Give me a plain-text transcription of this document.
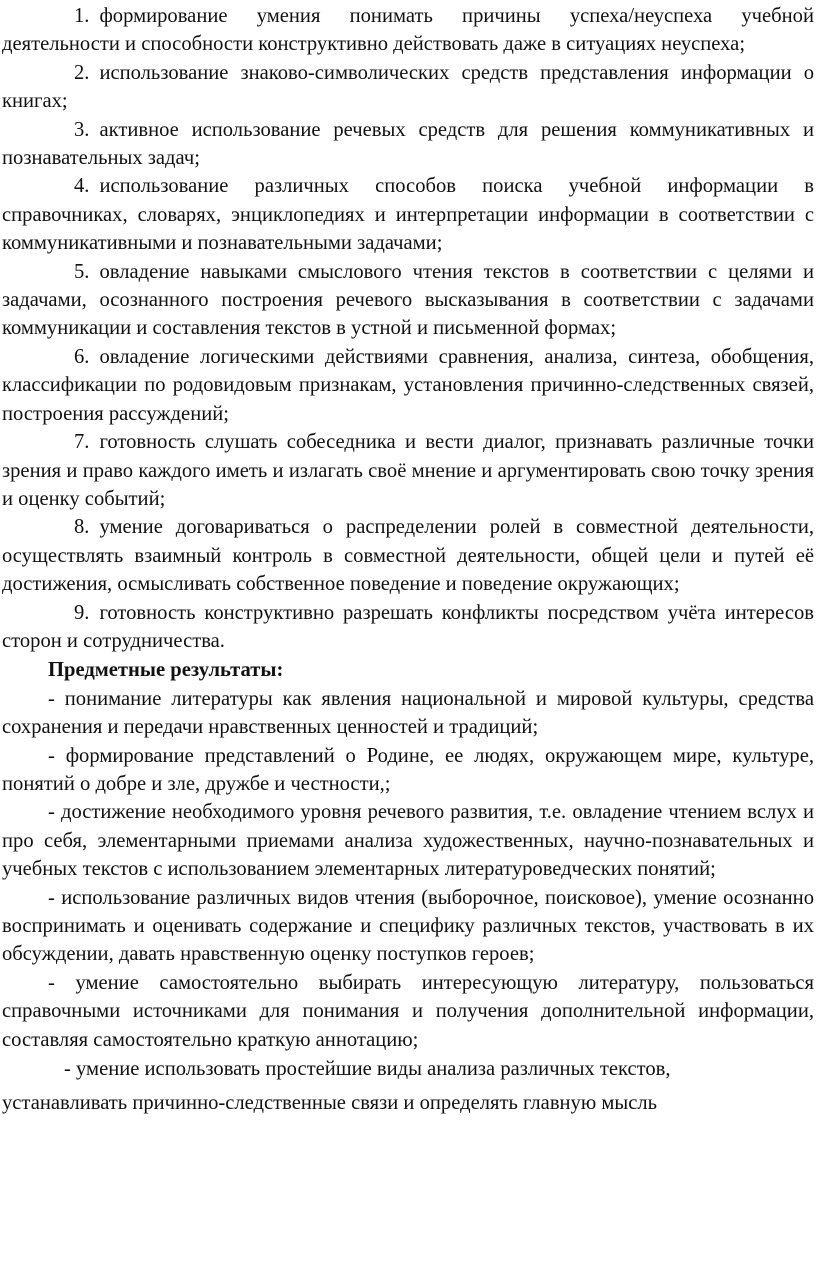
1. формирование умения понимать причины успеха/неуспеха учебной деятельности и способности конструктивно действовать даже в ситуациях неуспеха;

2. использование знаково-символических средств представления информации о книгах;

3. активное использование речевых средств для решения коммуникативных и познавательных задач;

4. использование различных способов поиска учебной информации в справочниках, словарях, энциклопедиях и интерпретации информации в соответствии с коммуникативными и познавательными задачами;

5. овладение навыками смыслового чтения текстов в соответствии с целями и задачами, осознанного построения речевого высказывания в соответствии с задачами коммуникации и составления текстов в устной и письменной формах;

6. овладение логическими действиями сравнения, анализа, синтеза, обобщения, классификации по родовидовым признакам, установления причинно-следственных связей, построения рассуждений;

7. готовность слушать собеседника и вести диалог, признавать различные точки зрения и право каждого иметь и излагать своё мнение и аргументировать свою точку зрения и оценку событий;

8. умение договариваться о распределении ролей в совместной деятельности, осуществлять взаимный контроль в совместной деятельности, общей цели и путей её достижения, осмысливать собственное поведение и поведение окружающих;

9. готовность конструктивно разрешать конфликты посредством учёта интересов сторон и сотрудничества.

Предметные результаты:

- понимание литературы как явления национальной и мировой культуры, средства сохранения и передачи нравственных ценностей и традиций;

- формирование представлений о Родине, ее людях, окружающем мире, культуре, понятий о добре и зле, дружбе и честности,;

- достижение необходимого уровня речевого развития, т.е. овладение чтением вслух и про себя, элементарными приемами анализа художественных, научно-познавательных и учебных текстов с использованием элементарных литературоведческих понятий;

- использование различных видов чтения (выборочное, поисковое), умение осознанно воспринимать и оценивать содержание и специфику различных текстов, участвовать в их обсуждении, давать нравственную оценку поступков героев;

- умение самостоятельно выбирать интересующую литературу, пользоваться справочными источниками для понимания и получения дополнительной информации, составляя самостоятельно краткую аннотацию;

- умение использовать простейшие виды анализа различных текстов,

устанавливать причинно-следственные связи и определять главную мысль
